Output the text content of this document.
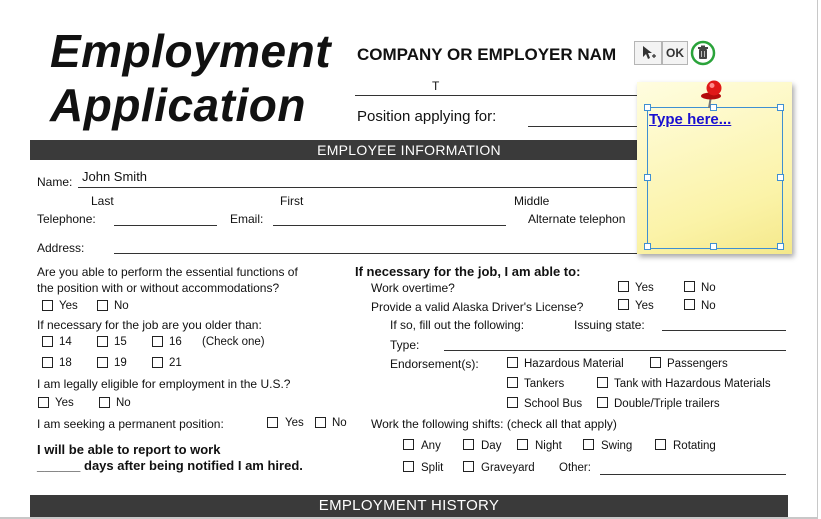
Employment
Application
COMPANY OR EMPLOYER NAM
T
Position applying for:
EMPLOYEE INFORMATION
Name: John Smith
Last	First	Middle
Telephone:	Email:	Alternate telephon
Address:
Are you able to perform the essential functions of
the position with or without accommodations?
Yes	No
If necessary for the job are you older than:
14	15	16 (Check one)
18	19	21
I am legally eligible for employment in the U.S.?
Yes	No
I am seeking a permanent position:	Yes No
I will be able to report to work
______ days after being notified I am hired.
If necessary for the job, I am able to:
Work overtime?	Yes	No
Provide a valid Alaska Driver's License?	Yes	No
If so, fill out the following:	Issuing state:
Type:
Endorsement(s):	Hazardous Material	Passengers
Tankers	Tank with Hazardous Materials
School Bus	Double/Triple trailers
Work the following shifts: (check all that apply)
Any	Day	Night	Swing	Rotating
Split	Graveyard Other:
EMPLOYMENT HISTORY
Type here...
OK
